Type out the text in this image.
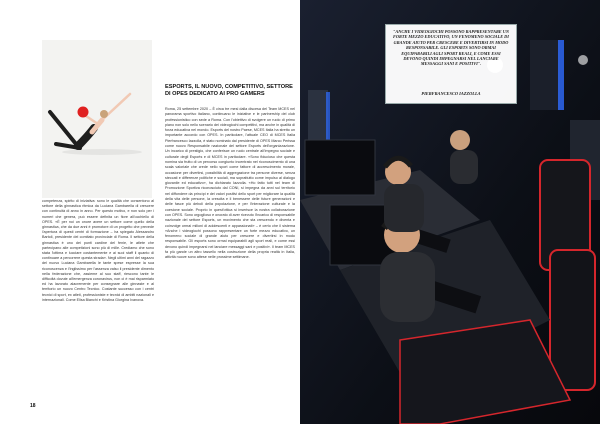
competenza, spirito di iniziativa: sono le qualità che consentono al settore della ginnastica ritmica da Luciana Gambarella di crescere con continuità di anno in anno. Per questo motivo, e non solo per i numeri che genera, può essere definita un fiore all'occhiello di OPES. «È per noi un onore avere un settore come quello della ginnastica, che da due anni è promotore di un progetto che prevede l'apertura di questi centri di formazione – ha spiegato Alessandro Bartoli, presidente del comitato provinciale di Roma. Il settore della ginnastica è uno dei punti cardine del fenie, le atlete che partecipano alle competizioni sono più di mille. Crediamo che sono stata l'ottima e lucciare costantemente e ai suoi staff il quanto di continuare a percorrere questa strada». Negli ultimi anni del ragazzo del nuovo Luciana Gambarella le tante spese espresse la sua riconoscenza e l'inglissimo per l'assenza valso il presidente dimento nella federazione che, assieme al suo staff, riescono tante le difficoltà dovute all'emergenza coronavirus, non ci è mai risparmiato ed ha lavorato alacremente per consegnare alle ginnaste e al territorio un nuovo Centro Tecnico. Costante successo con i centri tecnici di sport, ex atleti, professioniste e tecnici di ambiti nazionali e internazionali. Come Elisa Bianchi e Kristina Giorgina Ivanova.
18
ESPORTS, IL NUOVO, COMPETITIVO, SETTORE DI OPES DEDICATO AI PRO GAMERS

Roma, 25 settembre 2020 – È circa tre mesi dalla discesa del Team MCES nel panorama sportivo italiano, continuano le iniziative e le partnership del club professionistico con sede a Roma. Con l'obiettivo di svolgere un ruolo di primo piano non solo nello scenario dei videogiochi competitivi, ma anche in qualità di forza educativa nel mondo. Esports del nostro Paese, MCES Italia ha stretto un importante accordo con OPES. In particolare, l'attuale CEO di MCES Italia Pierfrancesco Iazzolla, è stato nominato dal presidente di OPES Marco Perissa come nuovo Responsabile nazionale del settore Esports dell'organizzazione. Un incarico di prestigio, che conferisce un ruolo centrale all'impegno sociale e culturale degli Esports e di MCES in particolare. «Sono fiducioso che questa nomina sia frutto di un percorso congiunto incentrato nel riconoscimento di una scala valoriale che crede nello sport come fattore di accrescimento morale, occasione per divertirsi, possibilità di aggregazione tra persone diverse, senza steccati e differenze politiche e sociali, ma soprattutto come impulso al dialogo giovanile ed educativo», ha dichiarato Iazzolla. «Ho fatto tutti nel team di Promozione Sportiva riconosciuto dal CONI, si impegna da anni sul territorio nel diffondere da princìpi e dei valori positivi dello sport per migliorare la qualità della vita delle persone, la crescita e il benessere delle future generazioni e delle fasce più deboli della popolazione, e per l'interazione culturale e la coesione sociale. Proprio in quest'ottica si inserisce la nostra collaborazione con OPES. Sono orgoglioso e onorato di aver ricevuto l'incarico di responsabile nazionale del settore Esports, un movimento che sta crescendo e diventa e coinvolge ormai milioni di adolescenti e appassionati» – è certo che il sistema «Anche i videogiochi possono rappresentare un forte mezzo educativo, un fenomeno sociale di grande aiuto per crescere e divertirsi in modo responsabile. Gli esports sono ormai equiparabili agli sport reali, e come essi devono quindi impegnarsi nel lanciare messaggi sani e positivi». Il team MCES fa più gande un altro tassello nella costruzione della propria realtà in Italia, attività nuove sono attese nelle prossime settimane.

"ANCHE I VIDEOGIOCHI POSSONO RAPPRESENTARE UN FORTE MEZZO EDUCATIVO, UN FENOMENO SOCIALE DI GRANDE AIUTO PER CRESCERE E DIVERTIRSI IN MODO RESPONSABILE. GLI ESPORTS SONO ORMAI EQUIPARABILI AGLI SPORT REALI, E COME ESSI DEVONO QUINDI IMPEGNARSI NEL LANCIARE MESSAGGI SANI E POSITIVI".
PIERFRANCESCO IAZZOLLA
